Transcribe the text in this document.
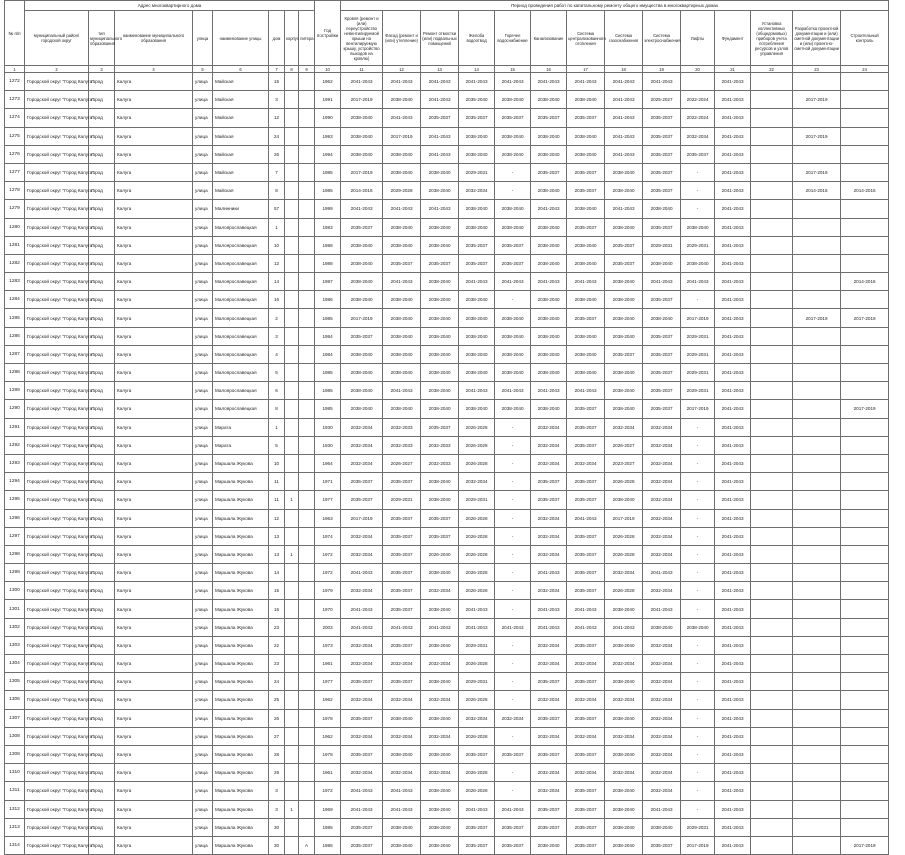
№ п/п	Адрес многоквартирного дома								Год постройки	Период проведения работ по капитальному ремонту общего имущества в многоквартирных домах													
	муниципальный район/городской округ	тип муниципального образования	наименование муниципального образования	улица	наименование улицы	дом	корпус	литера		Кровля (ремонт и (или) переустройство невентилируемой крыши на вентилируемую крышу, устройство выходов на кровлю)	Фасад (ремонт и (или) утепление)	Ремонт отмостки (или) подвальных помещений	Желоба водоотвод	Горячее водоснабжение	Канализование	Система централизованного отопления	Система газоснабжения	Система электроснабжения	Лифты	Фундамент	Установка коллективных (общедомовых) приборов учета потребления ресурсов и узлов управления	Разработка проектной документации и (или) сметной документации и (или) проектно-сметной документации	Строительный контроль
1	2	3	4	5	6	7	8	9	10	11	12	13	14	15	16	17	18	19	20	21	22	23	24
1272	Городской округ "Город Калуга"	город	Калуга	улица	Майская	15			1962	2041-2043	2041-2043	2041-2043	2041-2043	2041-2043	2041-2043	2041-2043	2041-2043	2041-2043		2041-2043			
1273	Городской округ "Город Калуга"	город	Калуга	улица	Майская	3			1991	2017-2019	2038-2040	2041-2043	2035-2040	2038-2040	2038-2040	2038-2040	2041-2043	2025-2027	2022-2024	2041-2043		2017-2019	
1274	Городской округ "Город Калуга"	город	Калуга	улица	Майская	12			1990	2038-2040	2041-2043	2035-2037	2035-2037	2035-2037	2035-2037	2035-2037	2041-2043	2035-2037	2022-2024	2041-2043			
1275	Городской округ "Город Калуга"	город	Калуга	улица	Майская	24			1993	2038-2040	2017-2019	2041-2043	2038-2040	2038-2040	2038-2040	2038-2040	2041-2043	2035-2037	2032-2034	2041-2043		2017-2019	
1276	Городской округ "Город Калуга"	город	Калуга	улица	Майская	26			1994	2038-2040	2038-2040	2041-2043	2038-2040	2038-2040	2038-2040	2038-2040	2041-2043	2035-2037	2035-2037	2041-2043			
1277	Городской округ "Город Калуга"	город	Калуга	улица	Майская	7			1985	2017-2019	2038-2040	2038-2040	2029-2031	-	2035-2037	2035-2037	2038-2040	2035-2037	-	2041-2043		2017-2019	
1278	Городской округ "Город Калуга"	город	Калуга	улица	Майская	8			1985	2014-2016	2029-2028	2038-2040	2032-2034	-	2038-2040	2035-2037	2038-2040	2035-2037	-	2041-2043		2014-2016	2014-2016
1279	Городской округ "Город Калуга"	город	Калуга	улица	Малинники	57			1999	2041-2043	2041-2043	2041-2043	2038-2040	2038-2040	2041-2043	2038-2040	2041-2043	2038-2040	-	2041-2043			
1280	Городской округ "Город Калуга"	город	Калуга	улица	Малоярославецкая	1			1983	2035-2037	2038-2040	2038-2040	2038-2040	2038-2040	2038-2040	2035-2037	2038-2040	2035-2037	2038-2040	2041-2043			
1281	Городской округ "Город Калуга"	город	Калуга	улица	Малоярославецкая	10			1988	2038-2040	2038-2040	2038-2040	2035-2037	2035-2037	2038-2040	2038-2040	2035-2037	2029-2031	2029-2031	2041-2043			
1282	Городской округ "Город Калуга"	город	Калуга	улица	Малоярославецкая	12			1988	2038-2040	2035-2037	2035-2037	2035-2037	2035-2037	2038-2040	2038-2040	2035-2037	2038-2040	2038-2040	2041-2043			
1283	Городской округ "Город Калуга"	город	Калуга	улица	Малоярославецкая	14			1987	2038-2040	2041-2043	2038-2040	2041-2043	2041-2043	2041-2043	2041-2043	2038-2040	2041-2043	2041-2043	2041-2043			2014-2016
1284	Городской округ "Город Калуга"	город	Калуга	улица	Малоярославецкая	16			1986	2038-2040	2038-2040	2038-2040	2038-2040	-	2038-2040	2038-2040	2038-2040	2035-2037	-	2041-2043			
1285	Городской округ "Город Калуга"	город	Калуга	улица	Малоярославецкая	2			1985	2017-2019	2038-2040	2038-2040	2038-2040	2038-2040	2038-2040	2035-2037	2038-2040	2038-2040	2017-2019	2041-2043		2017-2019	2017-2019
1286	Городской округ "Город Калуга"	город	Калуга	улица	Малоярославецкая	3			1984	2035-2037	2038-2040	2038-2040	2038-2040	2038-2040	2038-2040	2038-2040	2038-2040	2035-2037	2029-2031	2041-2043			
1287	Городской округ "Город Калуга"	город	Калуга	улица	Малоярославецкая	4			1984	2038-2040	2038-2040	2038-2040	2038-2040	2038-2040	2038-2040	2038-2040	2035-2037	2035-2037	2029-2031	2041-2043			
1288	Городской округ "Город Калуга"	город	Калуга	улица	Малоярославецкая	5			1985	2038-2040	2038-2040	2038-2040	2038-2040	2038-2040	2038-2040	2038-2040	2038-2040	2035-2037	2029-2031	2041-2043			
1289	Городской округ "Город Калуга"	город	Калуга	улица	Малоярославецкая	6			1985	2038-2040	2041-2043	2038-2040	2041-2043	2041-2043	2041-2043	2041-2043	2038-2040	2035-2037	2029-2031	2041-2043			
1290	Городской округ "Город Калуга"	город	Калуга	улица	Малоярославецкая	8			1985	2038-2040	2038-2040	2038-2040	2038-2040	2038-2040	2038-2040	2035-2037	2038-2040	2035-2037	2017-2019	2041-2043			2017-2019
1291	Городской округ "Город Калуга"	город	Калуга	улица	Марата	1			1930	2032-2034	2032-2033	2035-2037	2026-2028	-	2032-2034	2035-2037	2032-2034	2032-2034	-	2041-2043			
1292	Городской округ "Город Калуга"	город	Калуга	улица	Марата	5			1930	2032-2034	2032-2033	2032-2033	2026-2028	-	2032-2034	2035-2037	2026-2027	2032-2034	-	2041-2043			
1293	Городской округ "Город Калуга"	город	Калуга	улица	Маршала Жукова	10			1964	2032-2034	2026-2027	2032-2033	2026-2028	-	2032-2034	2032-2034	2023-2027	2032-2034	-	2041-2043			
1294	Городской округ "Город Калуга"	город	Калуга	улица	Маршала Жукова	11			1971	2035-2037	2035-2037	2038-2040	2032-2034	-	2035-2037	2035-2037	2026-2028	2032-2034	-	2041-2043			
1295	Городской округ "Город Калуга"	город	Калуга	улица	Маршала Жукова	11	1		1977	2035-2037	2029-2031	2038-2040	2029-2031	-	2035-2037	2035-2037	2038-2040	2032-2034	-	2041-2043			
1296	Городской округ "Город Калуга"	город	Калуга	улица	Маршала Жукова	12			1963	2017-2019	2035-2037	2035-2037	2026-2028	-	2032-2034	2041-2043	2017-2019	2032-2034	-	2041-2043			
1297	Городской округ "Город Калуга"	город	Калуга	улица	Маршала Жукова	13			1974	2032-2034	2035-2037	2035-2037	2026-2028	-	2032-2034	2035-2037	2026-2028	2032-2034	-	2041-2043			
1298	Городской округ "Город Калуга"	город	Калуга	улица	Маршала Жукова	13	1		1972	2032-2034	2035-2037	2026-2040	2026-2028	-	2032-2034	2035-2037	2026-2028	2032-2034	-	2041-2043			
1299	Городской округ "Город Калуга"	город	Калуга	улица	Маршала Жукова	14			1972	2041-2043	2035-2037	2038-2040	2026-2028	-	2041-2043	2035-2037	2032-2034	2041-2043	-	2041-2043			
1300	Городской округ "Город Калуга"	город	Калуга	улица	Маршала Жукова	15			1979	2032-2034	2035-2037	2032-2034	2026-2028	-	2032-2034	2035-2037	2026-2028	2032-2034	-	2041-2043			
1301	Городской округ "Город Калуга"	город	Калуга	улица	Маршала Жукова	16			1970	2041-2043	2035-2037	2038-2040	2041-2043	-	2041-2043	2041-2043	2038-2040	2041-2043	-	2041-2043			
1302	Городской округ "Город Калуга"	город	Калуга	улица	Маршала Жукова	23			2003	2041-2043	2041-2043	2041-2043	2041-2043	2041-2043	2041-2043	2041-2043	2041-2043	2038-2040	2038-2040	2041-2043			
1303	Городской округ "Город Калуга"	город	Калуга	улица	Маршала Жукова	22			1973	2032-2034	2035-2037	2038-2040	2029-2031	-	2032-2034	2035-2037	2038-2040	2032-2034	-	2041-2043			
1304	Городской округ "Город Калуга"	город	Калуга	улица	Маршала Жукова	23			1961	2032-2034	2032-2034	2032-2034	2026-2028	-	2032-2034	2032-2034	2032-2034	2032-2034	-	2041-2043			
1305	Городской округ "Город Калуга"	город	Калуга	улица	Маршала Жукова	24			1977	2035-2037	2035-2037	2038-2040	2029-2031	-	2035-2037	2035-2037	2038-2040	2032-2034	-	2041-2043			
1306	Городской округ "Город Калуга"	город	Калуга	улица	Маршала Жукова	25			1962	2032-2034	2032-2034	2032-2034	2026-2028	-	2032-2034	2032-2034	2032-2034	2032-2034	-	2041-2043			
1307	Городской округ "Город Калуга"	город	Калуга	улица	Маршала Жукова	26			1978	2035-2037	2038-2040	2038-2040	2032-2034	2032-2034	2035-2037	2035-2037	2038-2040	2032-2034	-	2041-2043			
1308	Городской округ "Город Калуга"	город	Калуга	улица	Маршала Жукова	27			1962	2032-2034	2032-2034	2032-2034	2026-2028	-	2032-2034	2032-2034	2032-2034	2032-2034	-	2041-2043			
1309	Городской округ "Город Калуга"	город	Калуга	улица	Маршала Жукова	28			1978	2035-2037	2038-2040	2038-2040	2035-2037	2035-2037	2035-2037	2035-2037	2038-2040	2032-2034	-	2041-2043			
1310	Городской округ "Город Калуга"	город	Калуга	улица	Маршала Жукова	29			1961	2032-2034	2032-2034	2032-2034	2026-2028	-	2032-2034	2032-2034	2032-2034	2032-2034	-	2041-2043			
1311	Городской округ "Город Калуга"	город	Калуга	улица	Маршала Жукова	3			1972	2041-2043	2041-2043	2038-2040	2026-2028	-	2032-2034	2035-2037	2038-2040	2032-2034	-	2041-2043			
1312	Городской округ "Город Калуга"	город	Калуга	улица	Маршала Жукова	3	1		1969	2041-2043	2041-2043	2038-2040	2041-2043	2041-2043	2035-2037	2035-2037	2038-2040	2041-2043	-	2041-2043			
1313	Городской округ "Город Калуга"	город	Калуга	улица	Маршала Жукова	30			1985	2035-2037	2038-2040	2038-2040	2035-2037	2035-2037	2035-2037	2035-2037	2038-2040	2038-2040	2029-2031	2041-2043			
1314	Городской округ "Город Калуга"	город	Калуга	улица	Маршала Жукова	30		А	1986	2035-2037	2038-2040	2038-2040	2035-2037	2035-2037	2038-2040	2035-2037	2038-2040	2035-2037	2017-2019	2041-2043			2017-2019
